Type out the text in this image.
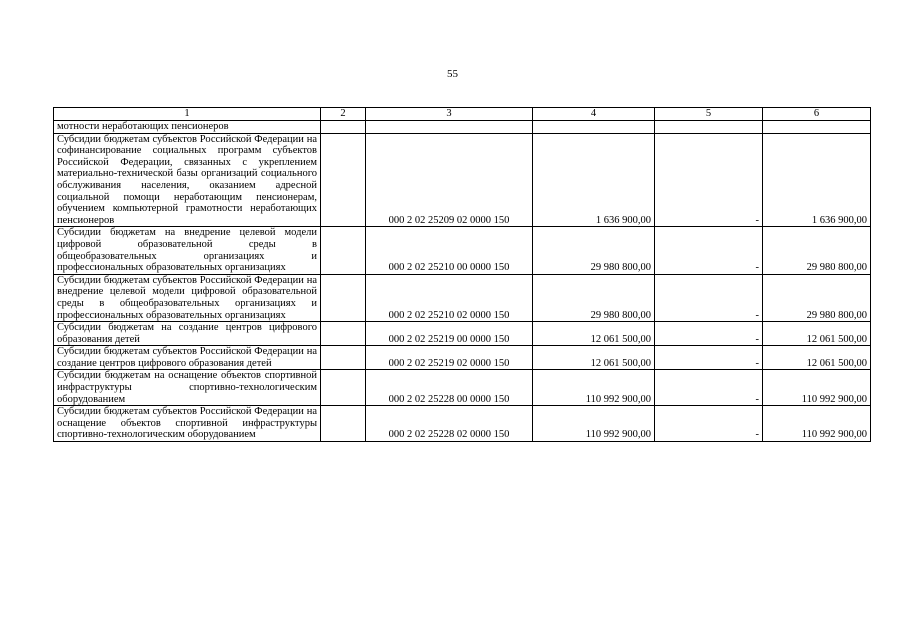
55
1	2	3	4	5	6
мотности неработающих пенсионеров					
Субсидии бюджетам субъектов Российской Федерации на софинансирование социальных программ субъектов Российской Федерации, связанных с укреплением материально-технической базы организаций социального обслуживания населения, оказанием адресной социальной помощи неработающим пенсионерам, обучением компьютерной грамотности неработающих пенсионеров		000 2 02 25209 02 0000 150	1 636 900,00	-	1 636 900,00
Субсидии бюджетам на внедрение целевой модели цифровой образовательной среды в общеобразовательных организациях и профессиональных образовательных организациях		000 2 02 25210 00 0000 150	29 980 800,00	-	29 980 800,00
Субсидии бюджетам субъектов Российской Федерации на внедрение целевой модели цифровой образовательной среды в общеобразовательных организациях и профессиональных образовательных организациях		000 2 02 25210 02 0000 150	29 980 800,00	-	29 980 800,00
Субсидии бюджетам на создание центров цифрового образования детей		000 2 02 25219 00 0000 150	12 061 500,00	-	12 061 500,00
Субсидии бюджетам субъектов Российской Федерации на создание центров цифрового образования детей		000 2 02 25219 02 0000 150	12 061 500,00	-	12 061 500,00
Субсидии бюджетам на оснащение объектов спортивной инфраструктуры спортивно-технологическим оборудованием		000 2 02 25228 00 0000 150	110 992 900,00	-	110 992 900,00
Субсидии бюджетам субъектов Российской Федерации на оснащение объектов спортивной инфраструктуры спортивно-технологическим оборудованием		000 2 02 25228 02 0000 150	110 992 900,00	-	110 992 900,00
